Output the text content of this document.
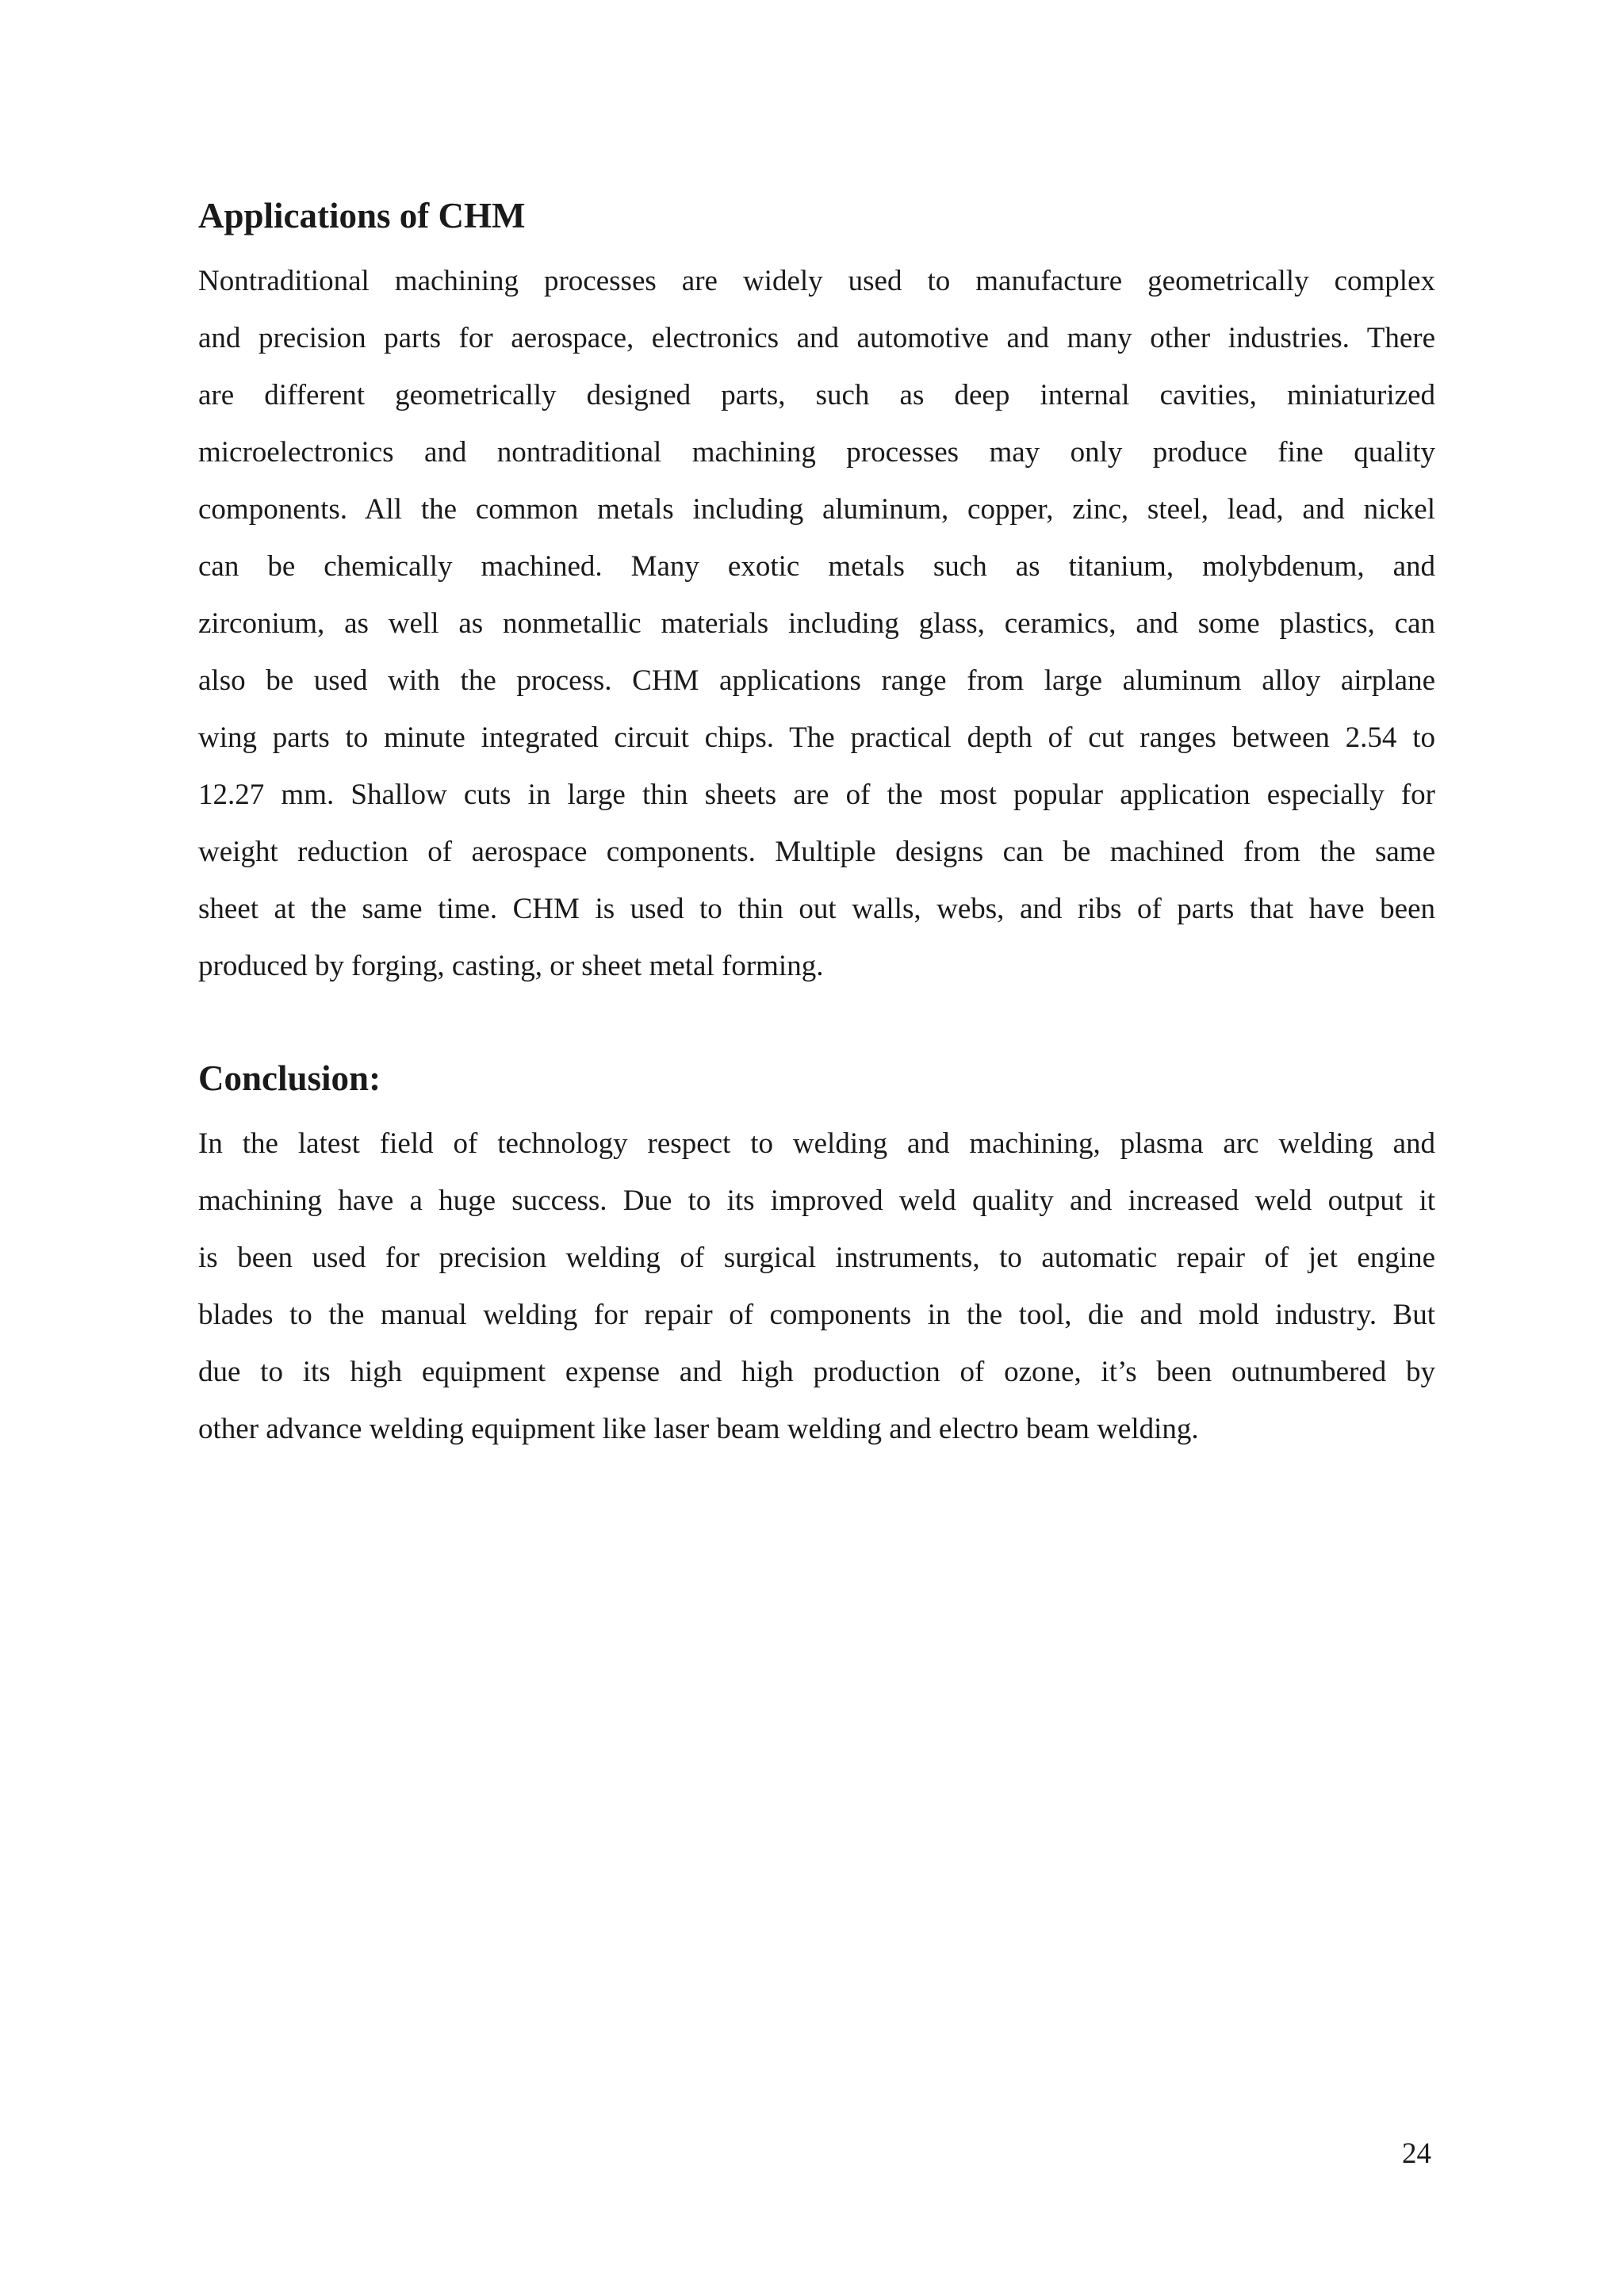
Applications of CHM

Nontraditional machining processes are widely used to manufacture geometrically complex

and precision parts for aerospace, electronics and automotive and many other industries. There

are different geometrically designed parts, such as deep internal cavities, miniaturized

microelectronics and nontraditional machining processes may only produce fine quality

components. All the common metals including aluminum, copper, zinc, steel, lead, and nickel

can be chemically machined. Many exotic metals such as titanium, molybdenum, and

zirconium, as well as nonmetallic materials including glass, ceramics, and some plastics, can

also be used with the process. CHM applications range from large aluminum alloy airplane

wing parts to minute integrated circuit chips. The practical depth of cut ranges between 2.54 to

12.27 mm. Shallow cuts in large thin sheets are of the most popular application especially for

weight reduction of aerospace components. Multiple designs can be machined from the same

sheet at the same time. CHM is used to thin out walls, webs, and ribs of parts that have been

produced by forging, casting, or sheet metal forming.

Conclusion:

In the latest field of technology respect to welding and machining, plasma arc welding and

machining have a huge success. Due to its improved weld quality and increased weld output it

is been used for precision welding of surgical instruments, to automatic repair of jet engine

blades to the manual welding for repair of components in the tool, die and mold industry. But

due to its high equipment expense and high production of ozone, it’s been outnumbered by

other advance welding equipment like laser beam welding and electro beam welding.

24
